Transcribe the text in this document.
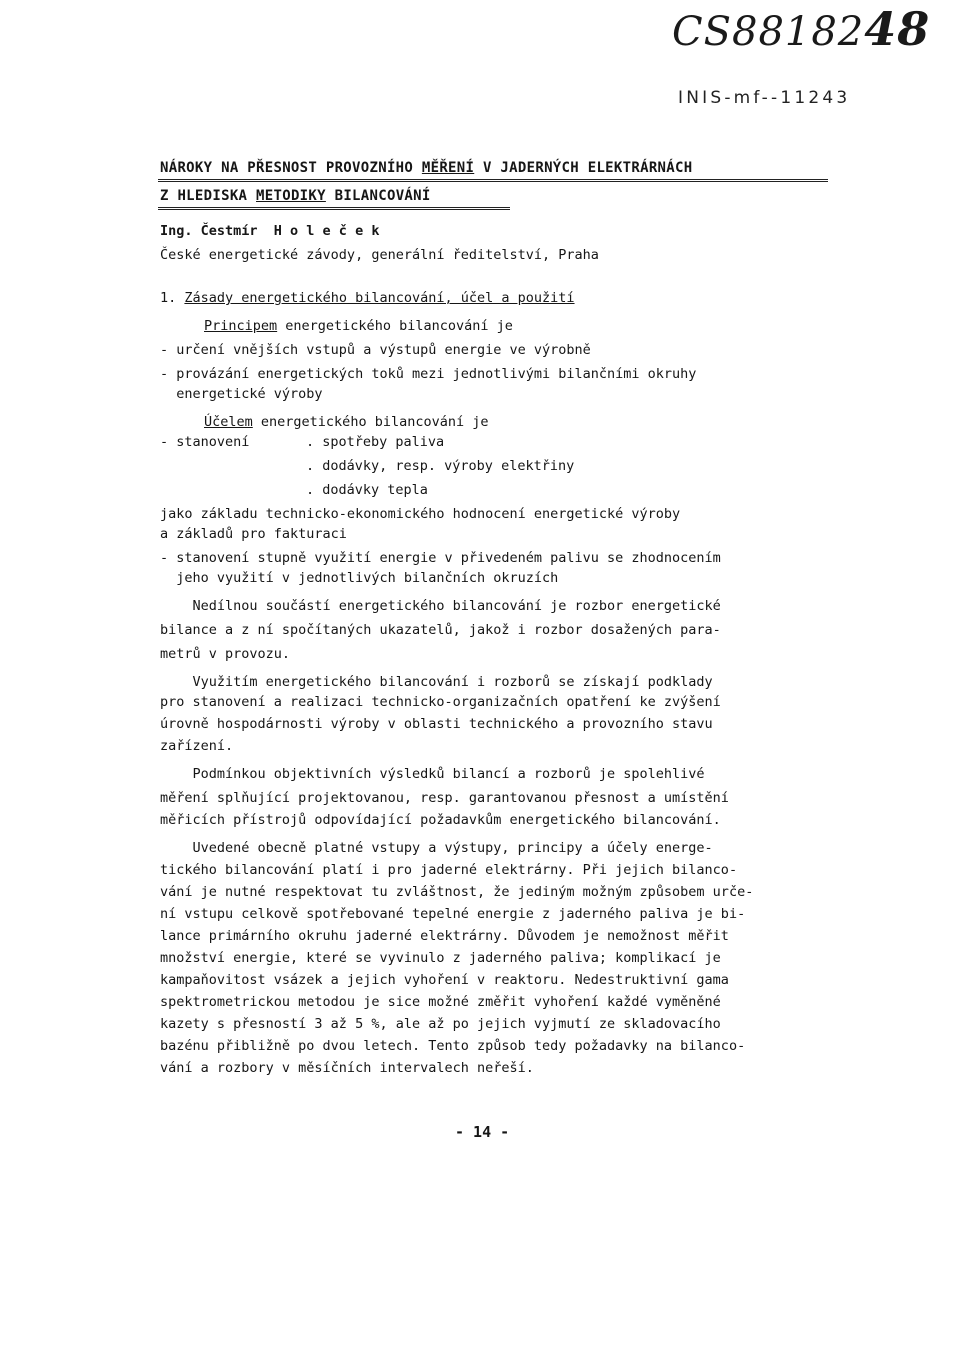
CS8818248
INIS-mf--11243
NÁROKY NA PŘESNOST PROVOZNÍHO MĚŘENÍ V JADERNÝCH ELEKTRÁRNÁCH
Z HLEDISKA METODIKY BILANCOVÁNÍ
Ing. Čestmír  H o l e č e k
České energetické závody, generální ředitelství, Praha
1. Zásady energetického bilancování, účel a použití
Principem energetického bilancování je
- určení vnějších vstupů a výstupů energie ve výrobně
- provázání energetických toků mezi jednotlivými bilančními okruhy
energetické výroby
Účelem energetického bilancování je
- stanovení	. spotřeby paliva
. dodávky, resp. výroby elektřiny
. dodávky tepla
jako základu technicko-ekonomického hodnocení energetické výroby
a základů pro fakturaci
- stanovení stupně využití energie v přivedeném palivu se zhodnocením
jeho využití v jednotlivých bilančních okruzích
Nedílnou součástí energetického bilancování je rozbor energetické
bilance a z ní spočítaných ukazatelů, jakož i rozbor dosažených para-
metrů v provozu.
Využitím energetického bilancování i rozborů se získají podklady
pro stanovení a realizaci technicko-organizačních opatření ke zvýšení
úrovně hospodárnosti výroby v oblasti technického a provozního stavu
zařízení.
Podmínkou objektivních výsledků bilancí a rozborů je spolehlivé
měření splňující projektovanou, resp. garantovanou přesnost a umístění
měřicích přístrojů odpovídající požadavkům energetického bilancování.
Uvedené obecně platné vstupy a výstupy, principy a účely energe-
tického bilancování platí i pro jaderné elektrárny. Při jejich bilanco-
vání je nutné respektovat tu zvláštnost, že jediným možným způsobem urče-
ní vstupu celkově spotřebované tepelné energie z jaderného paliva je bi-
lance primárního okruhu jaderné elektrárny. Důvodem je nemožnost měřit
množství energie, které se vyvinulo z jaderného paliva; komplikací je
kampaňovitost vsázek a jejich vyhoření v reaktoru. Nedestruktivní gama
spektrometrickou metodou je sice možné změřit vyhoření každé vyměněné
kazety s přesností 3 až 5 %, ale až po jejich vyjmutí ze skladovacího
bazénu přibližně po dvou letech. Tento způsob tedy požadavky na bilanco-
vání a rozbory v měsíčních intervalech neřeší.
- 14 -
